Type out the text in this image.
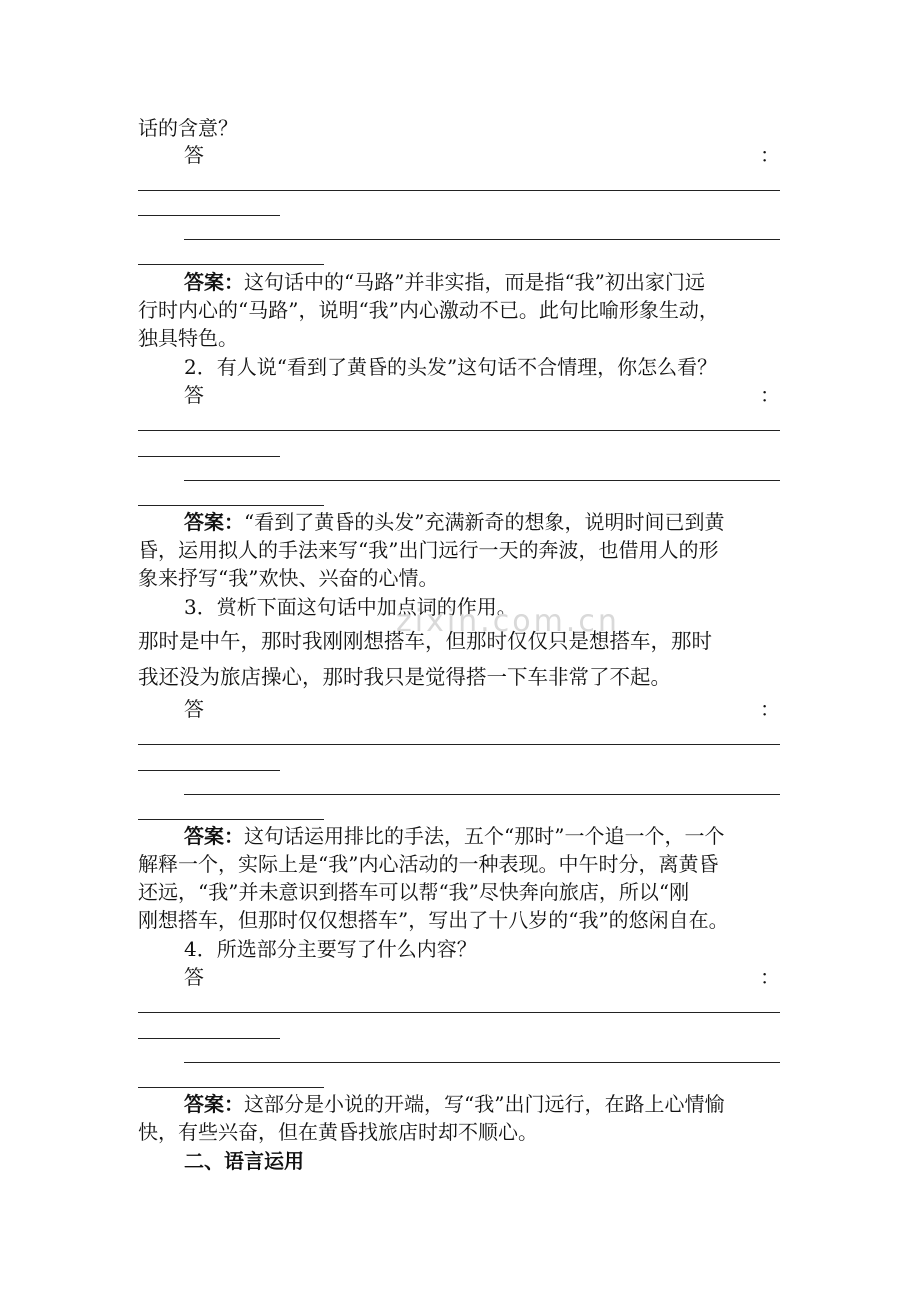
话的含意？
答	：
答案：这句话中的“马路”并非实指，而是指“我”初出家门远
行时内心的“马路”，说明“我”内心激动不已。此句比喻形象生动，
独具特色。
2．有人说“看到了黄昏的头发”这句话不合情理，你怎么看？
答	：
答案：“看到了黄昏的头发”充满新奇的想象，说明时间已到黄
昏，运用拟人的手法来写“我”出门远行一天的奔波，也借用人的形
象来抒写“我”欢快、兴奋的心情。
3．赏析下面这句话中加点词的作用。
那时是中午，那时我刚刚想搭车，但那时仅仅只是想搭车，那时
我还没为旅店操心，那时我只是觉得搭一下车非常了不起。
答	：
答案：这句话运用排比的手法，五个“那时”一个追一个，一个
解释一个，实际上是“我”内心活动的一种表现。中午时分，离黄昏
还远，“我”并未意识到搭车可以帮“我”尽快奔向旅店，所以“刚
刚想搭车，但那时仅仅想搭车”，写出了十八岁的“我”的悠闲自在。
4．所选部分主要写了什么内容？
答	：
答案：这部分是小说的开端，写“我”出门远行，在路上心情愉
快，有些兴奋，但在黄昏找旅店时却不顺心。
二、语言运用
zixin.com.cn
